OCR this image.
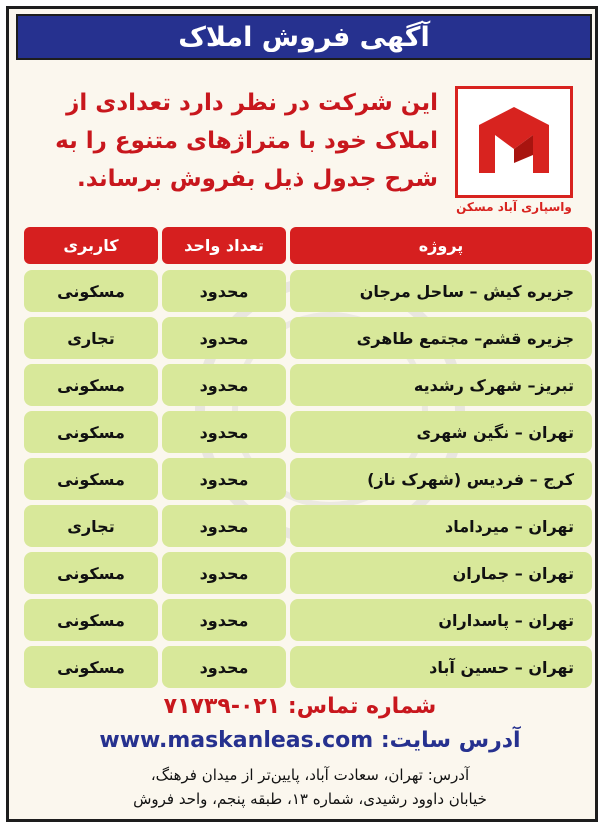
آگهی فروش املاک
این شرکت در نظر دارد تعدادی از
املاک خود با متراژهای متنوع را به
شرح جدول ذیل بفروش برساند.
واسپاری آباد مسکن
پروژه
تعداد واحد
کاربری
جزیره کیش – ساحل مرجان
محدود
مسکونی
جزیره قشم– مجتمع طاهری
محدود
تجاری
تبریز– شهرک رشدیه
محدود
مسکونی
تهران – نگین شهری
محدود
مسکونی
کرج – فردیس (شهرک ناز)
محدود
مسکونی
تهران – میرداماد
محدود
تجاری
تهران – جماران
محدود
مسکونی
تهران – پاسداران
محدود
مسکونی
تهران – حسین آباد
محدود
مسکونی
شماره تماس: ۰۲۱-۷۱۷۳۹
آدرس سایت: www.maskanleas.com
آدرس: تهران، سعادت آباد، پایین‌تر از میدان فرهنگ،
خیابان داوود رشیدی، شماره ۱۳، طبقه پنجم، واحد فروش
